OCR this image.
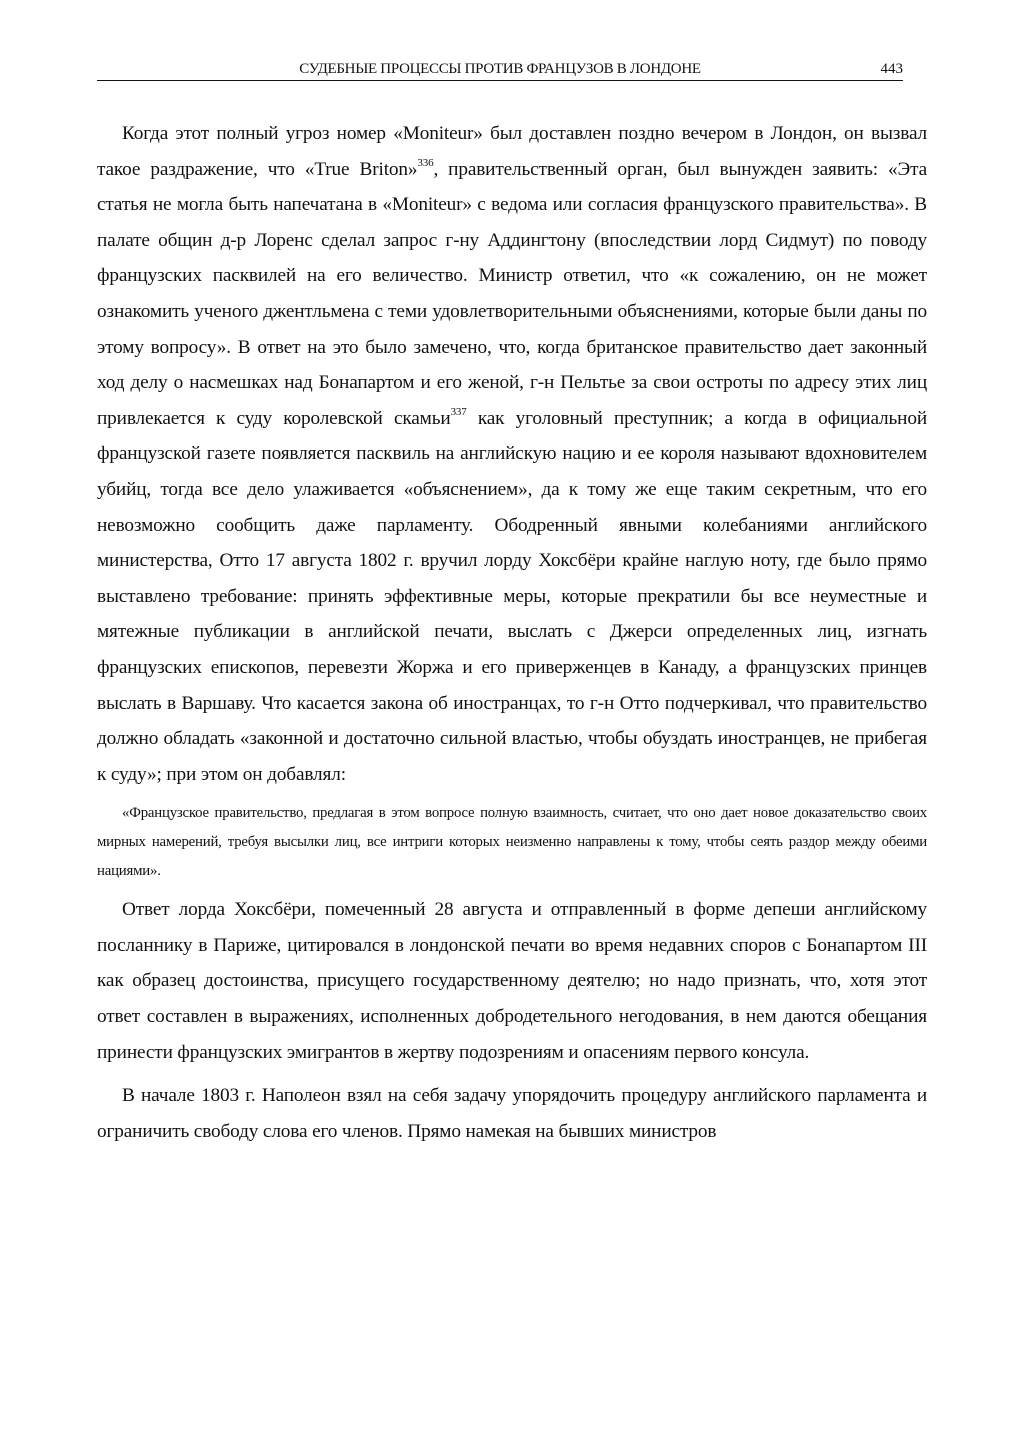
СУДЕБНЫЕ ПРОЦЕССЫ ПРОТИВ ФРАНЦУЗОВ В ЛОНДОНЕ	443

Когда этот полный угроз номер «Moniteur» был доставлен поздно вечером в Лондон, он вызвал такое раздражение, что «True Briton»$^{336}$, правительственный орган, был вынужден заявить: «Эта статья не могла быть напечатана в «Moniteur» с ведома или согласия французского правительства». В палате общин д-р Лоренс сделал запрос г-ну Аддингтону (впоследствии лорд Сидмут) по поводу французских пасквилей на его величество. Министр ответил, что «к сожалению, он не может ознакомить ученого джентльмена с теми удовлетворительными объяснениями, которые были даны по этому вопросу». В ответ на это было замечено, что, когда британское правительство дает законный ход делу о насмешках над Бонапартом и его женой, г-н Пельтье за свои остроты по адресу этих лиц привлекается к суду королевской скамьи$^{337}$ как уголовный преступник; а когда в официальной французской газете появляется пасквиль на английскую нацию и ее короля называют вдохновителем убийц, тогда все дело улаживается «объяснением», да к тому же еще таким секретным, что его невозможно сообщить даже парламенту. Ободренный явными колебаниями английского министерства, Отто 17 августа 1802 г. вручил лорду Хоксбёри крайне наглую ноту, где было прямо выставлено требование: принять эффективные меры, которые прекратили бы все неуместные и мятежные публикации в английской печати, выслать с Джерси определенных лиц, изгнать французских епископов, перевезти Жоржа и его приверженцев в Канаду, а французских принцев выслать в Варшаву. Что касается закона об иностранцах, то г-н Отто подчеркивал, что правительство должно обладать «законной и достаточно сильной властью, чтобы обуздать иностранцев, не прибегая к суду»; при этом он добавлял:

«Французское правительство, предлагая в этом вопросе полную взаимность, считает, что оно дает новое доказательство своих мирных намерений, требуя высылки лиц, все интриги которых неизменно направлены к тому, чтобы сеять раздор между обеими нациями».

Ответ лорда Хоксбёри, помеченный 28 августа и отправленный в форме депеши английскому посланнику в Париже, цитировался в лондонской печати во время недавних споров с Бонапартом III как образец достоинства, присущего государственному деятелю; но надо признать, что, хотя этот ответ составлен в выражениях, исполненных добродетельного негодования, в нем даются обещания принести французских эмигрантов в жертву подозрениям и опасениям первого консула.

В начале 1803 г. Наполеон взял на себя задачу упорядочить процедуру английского парламента и ограничить свободу слова его членов. Прямо намекая на бывших министров
